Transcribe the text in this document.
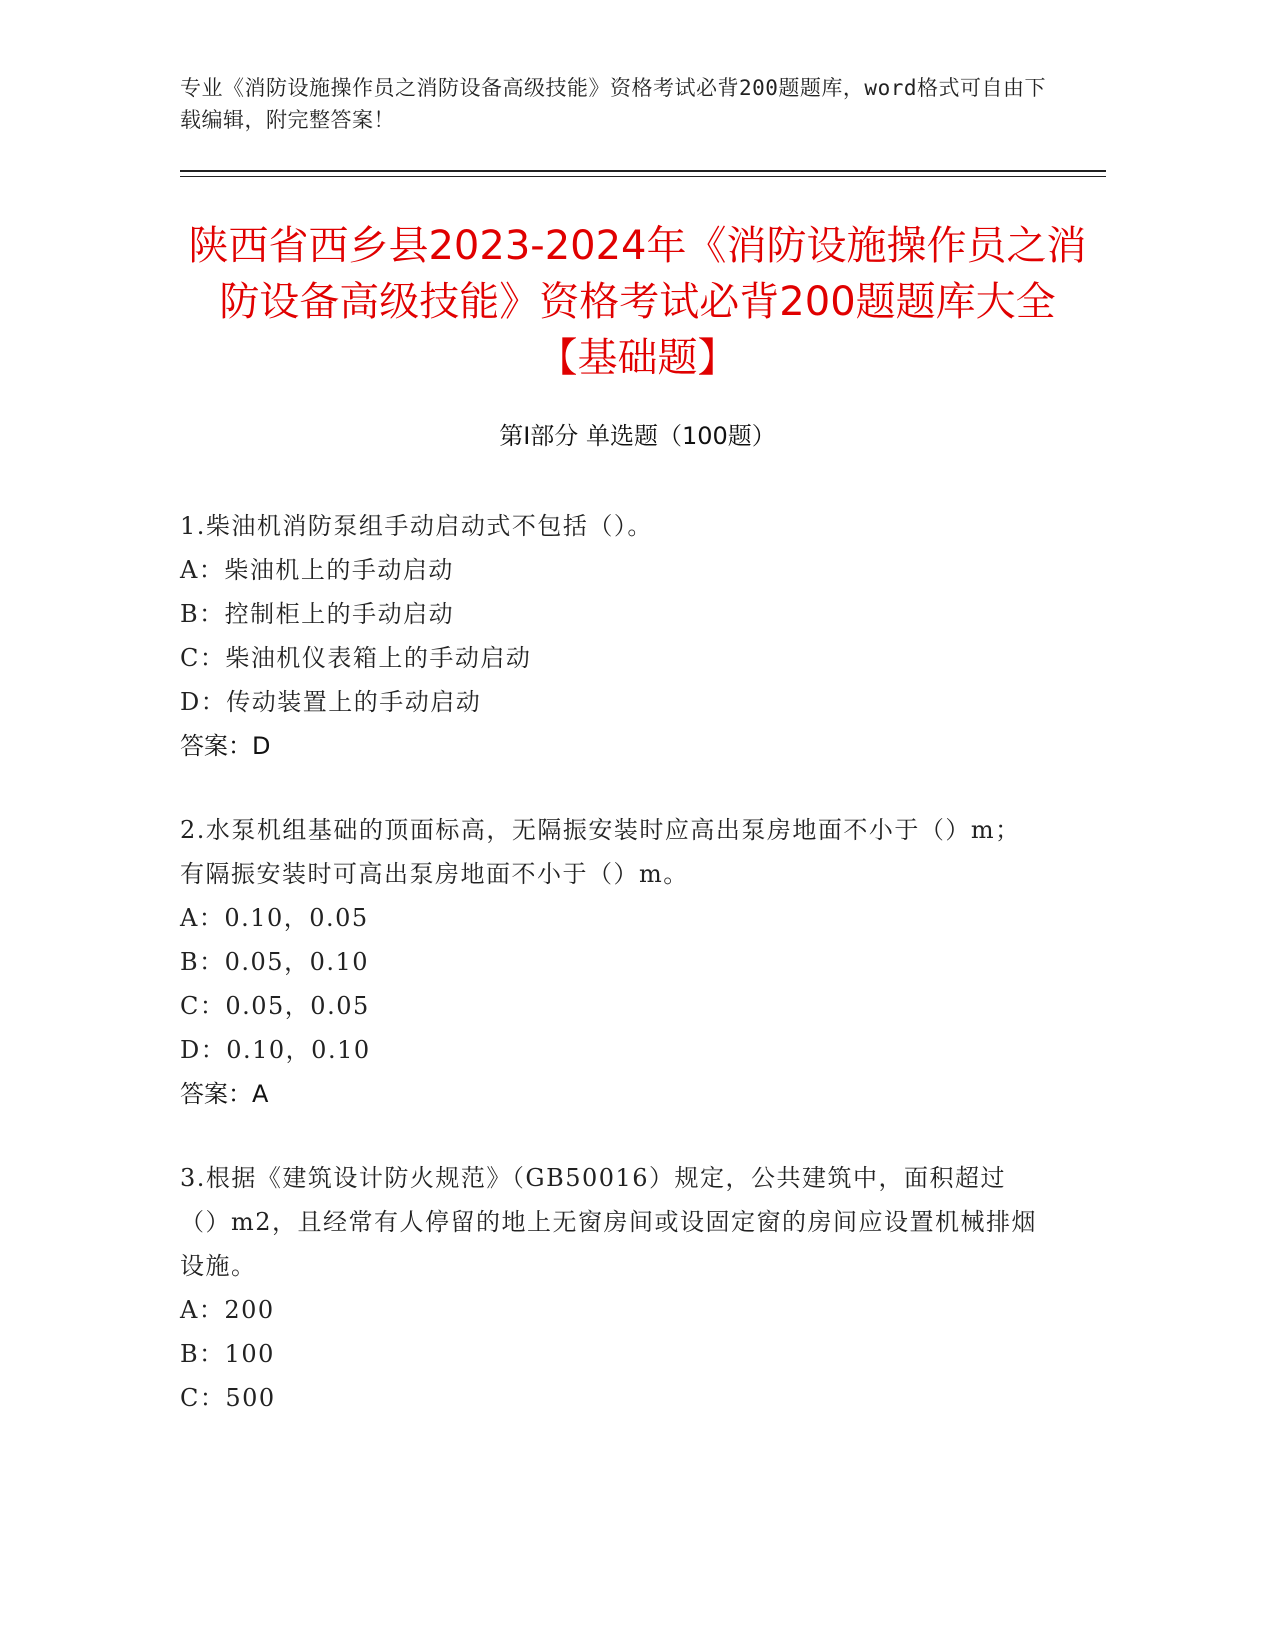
专业《消防设施操作员之消防设备高级技能》资格考试必背200题题库，word格式可自由下载编辑，附完整答案！
陕西省西乡县2023-2024年《消防设施操作员之消防设备高级技能》资格考试必背200题题库大全【基础题】
第I部分 单选题（100题）
1.柴油机消防泵组手动启动式不包括（）。
A：柴油机上的手动启动
B：控制柜上的手动启动
C：柴油机仪表箱上的手动启动
D：传动装置上的手动启动
答案：D
2.水泵机组基础的顶面标高，无隔振安装时应高出泵房地面不小于（）m；有隔振安装时可高出泵房地面不小于（）m。
A：0.10，0.05
B：0.05，0.10
C：0.05，0.05
D：0.10，0.10
答案：A
3.根据《建筑设计防火规范》（GB50016）规定，公共建筑中，面积超过（）m2，且经常有人停留的地上无窗房间或设固定窗的房间应设置机械排烟设施。
A：200
B：100
C：500
